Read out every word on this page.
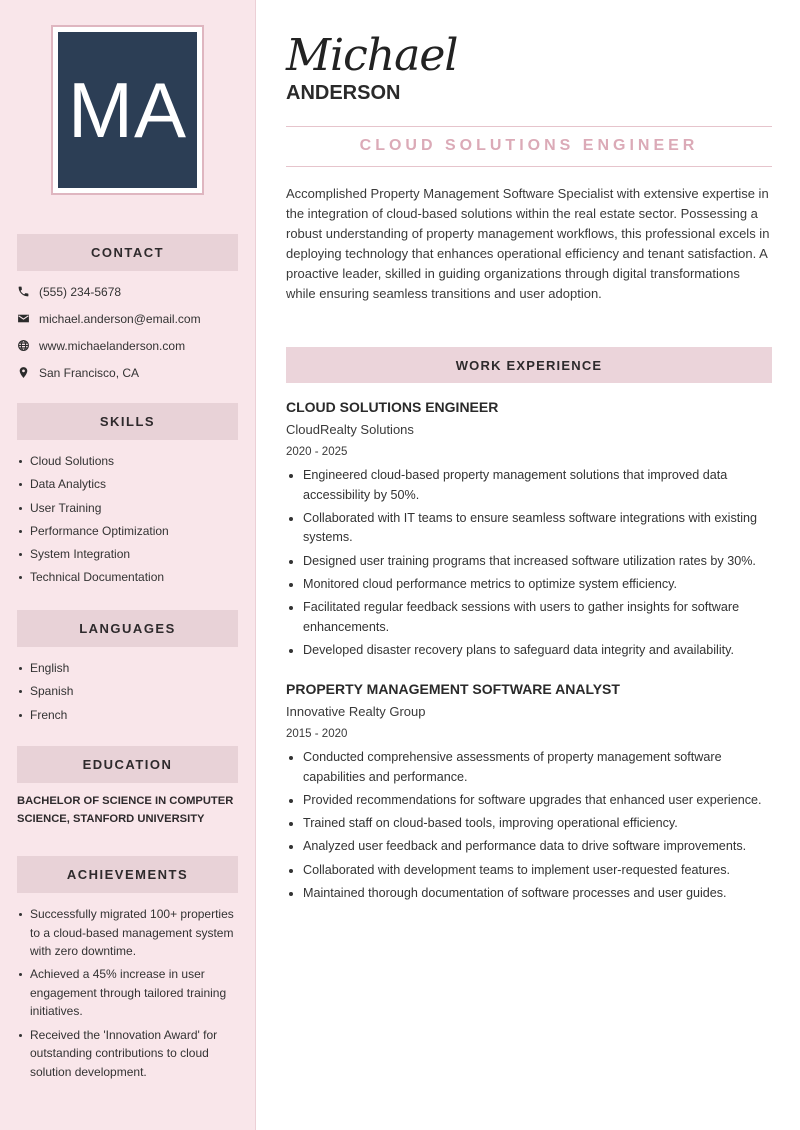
MA
CONTACT
(555) 234-5678
michael.anderson@email.com
www.michaelanderson.com
San Francisco, CA
SKILLS
Cloud Solutions
Data Analytics
User Training
Performance Optimization
System Integration
Technical Documentation
LANGUAGES
English
Spanish
French
EDUCATION
BACHELOR OF SCIENCE IN COMPUTER SCIENCE, STANFORD UNIVERSITY
ACHIEVEMENTS
Successfully migrated 100+ properties to a cloud-based management system with zero downtime.
Achieved a 45% increase in user engagement through tailored training initiatives.
Received the 'Innovation Award' for outstanding contributions to cloud solution development.
Michael
ANDERSON
CLOUD SOLUTIONS ENGINEER

Accomplished Property Management Software Specialist with extensive expertise in the integration of cloud-based solutions within the real estate sector. Possessing a robust understanding of property management workflows, this professional excels in deploying technology that enhances operational efficiency and tenant satisfaction. A proactive leader, skilled in guiding organizations through digital transformations while ensuring seamless transitions and user adoption.

WORK EXPERIENCE
CLOUD SOLUTIONS ENGINEER
CloudRealty Solutions
2020 - 2025
Engineered cloud-based property management solutions that improved data accessibility by 50%.
Collaborated with IT teams to ensure seamless software integrations with existing systems.
Designed user training programs that increased software utilization rates by 30%.
Monitored cloud performance metrics to optimize system efficiency.
Facilitated regular feedback sessions with users to gather insights for software enhancements.
Developed disaster recovery plans to safeguard data integrity and availability.
PROPERTY MANAGEMENT SOFTWARE ANALYST
Innovative Realty Group
2015 - 2020
Conducted comprehensive assessments of property management software capabilities and performance.
Provided recommendations for software upgrades that enhanced user experience.
Trained staff on cloud-based tools, improving operational efficiency.
Analyzed user feedback and performance data to drive software improvements.
Collaborated with development teams to implement user-requested features.
Maintained thorough documentation of software processes and user guides.
